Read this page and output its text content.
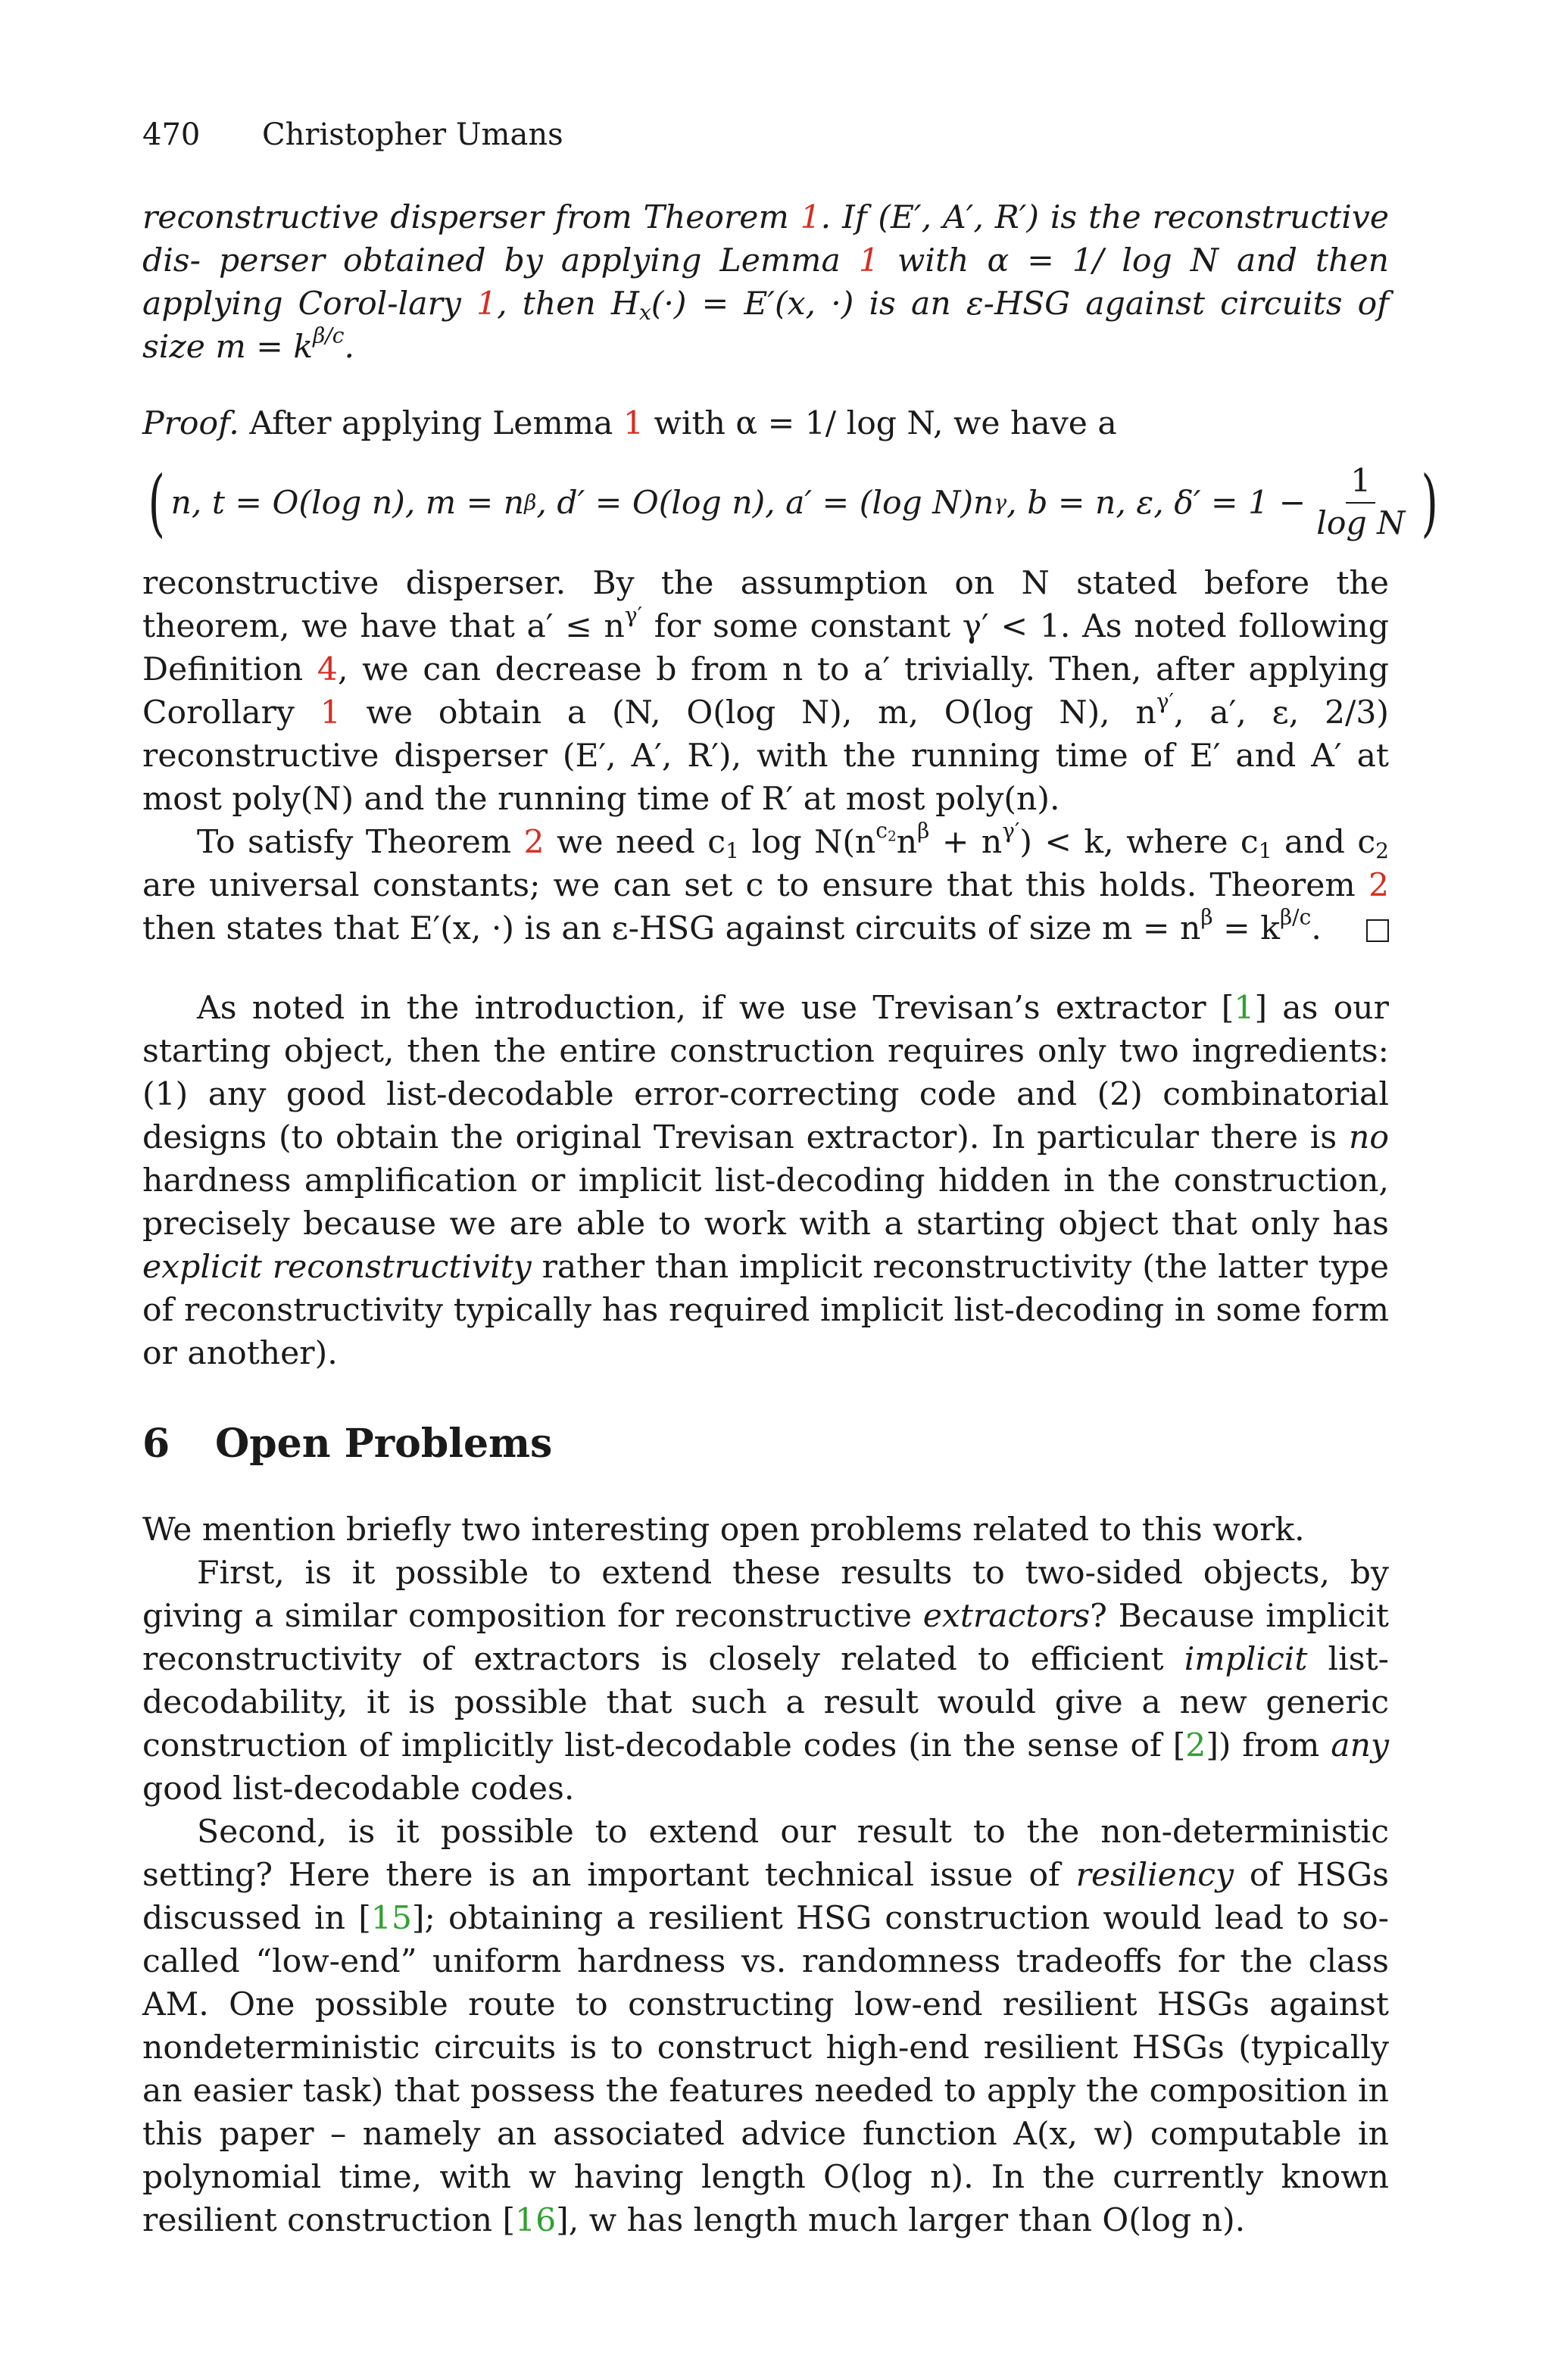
470 Christopher Umans

reconstructive disperser from Theorem 1. If (E′, A′, R′) is the reconstructive dis- perser obtained by applying Lemma 1 with α = 1/ log N and then applying Corol-lary 1, then $H_x(\cdot) = E'(x$, ·) is an ε-HSG against circuits of size $m = k^{\beta/c}$.

Proof. After applying Lemma 1 with α = 1/ log N, we have a

( n, t = O(log n), m = n β , d′ = O(log n), a′ = (log N)n γ , b = n, ε, $\delta' = 1 - \frac{1}{\text{log N}}$ )

reconstructive disperser. By the assumption on N stated before the theorem, we have that $a' \le n^{\gamma'}$ for some constant γ′ < 1. As noted following Definition 4, we can decrease b from n to a′ trivially. Then, after applying Corollary 1 we obtain a (N, O(log N), m, O(log N), $n^{\gamma'}$, a′, ε, 2/3) reconstructive disperser (E′, A′, R′), with the running time of E′ and A′ at most poly(N) and the running time of R′ at most poly(n).

To satisfy Theorem 2 we need $c_1$ $\log N(n^{c_2}n^\beta + n^{\gamma'}) < k$, where $c_1$ and $c_2$ are universal constants; we can set c to ensure that this holds. Theorem 2 then states that E′(x, ·) is an ε-HSG against circuits of size $m = n^\beta = k^{\beta/c}$.

As noted in the introduction, if we use Trevisan’s extractor [1] as our starting object, then the entire construction requires only two ingredients: (1) any good list-decodable error-correcting code and (2) combinatorial designs (to obtain the original Trevisan extractor). In particular there is no hardness amplification or implicit list-decoding hidden in the construction, precisely because we are able to work with a starting object that only has explicit reconstructivity rather than implicit reconstructivity (the latter type of reconstructivity typically has required implicit list-decoding in some form or another).

6 Open Problems

We mention briefly two interesting open problems related to this work.

First, is it possible to extend these results to two-sided objects, by giving a similar composition for reconstructive extractors? Because implicit reconstructivity of extractors is closely related to efficient implicit list-decodability, it is possible that such a result would give a new generic construction of implicitly list-decodable codes (in the sense of [2]) from any good list-decodable codes.

Second, is it possible to extend our result to the non-deterministic setting? Here there is an important technical issue of resiliency of HSGs discussed in [15]; obtaining a resilient HSG construction would lead to so-called “low-end” uniform hardness vs. randomness tradeoffs for the class AM. One possible route to constructing low-end resilient HSGs against nondeterministic circuits is to construct high-end resilient HSGs (typically an easier task) that possess the features needed to apply the composition in this paper – namely an associated advice function A(x, w) computable in polynomial time, with w having length O(log n). In the currently known resilient construction [16], w has length much larger than O(log n).
